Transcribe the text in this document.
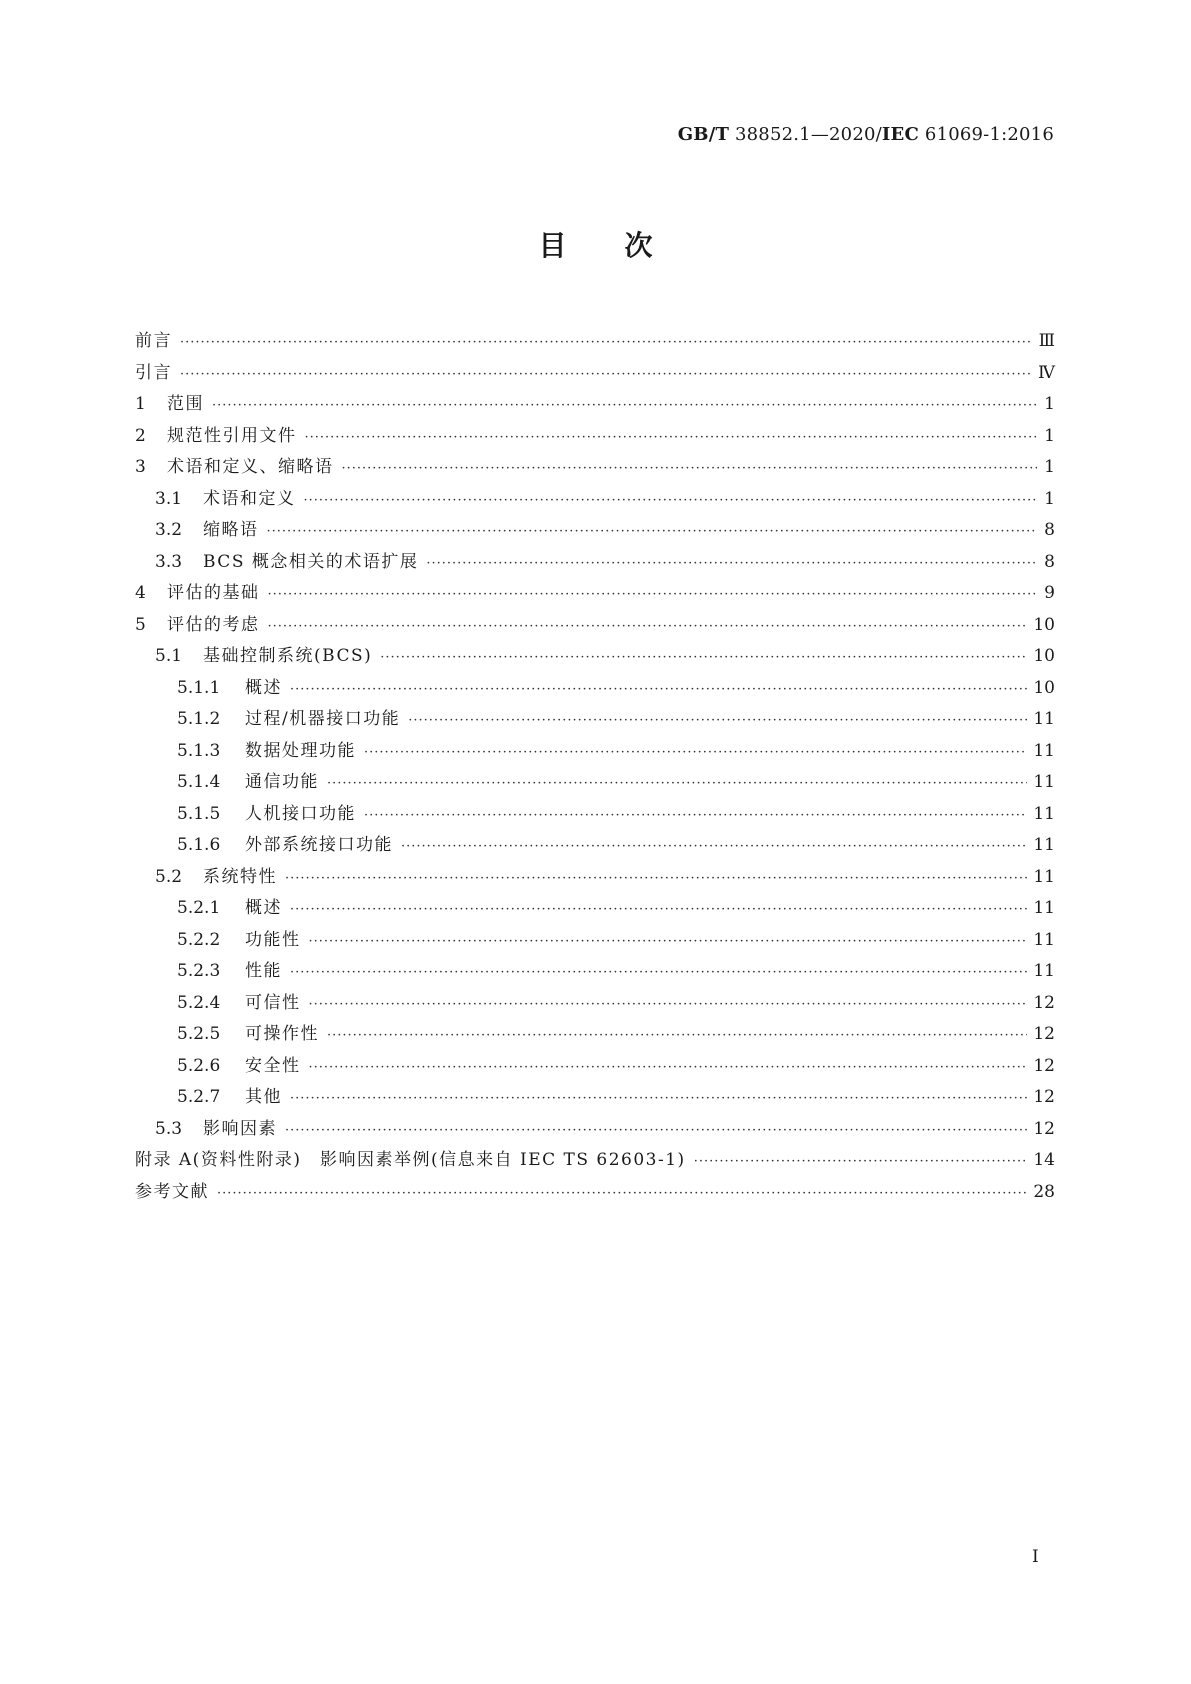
GB/T 38852.1—2020/IEC 61069-1:2016
目次
前言 ·····	Ⅲ
引言 ·····	Ⅳ
1	范围 ·····	1
2	规范性引用文件 ·····	1
3	术语和定义、缩略语 ·····	1
3.1	术语和定义 ·····	1
3.2	缩略语 ·····	8
3.3	BCS 概念相关的术语扩展 ·····	8
4	评估的基础 ·····	9
5	评估的考虑 ·····	10
5.1	基础控制系统(BCS) ·····	10
5.1.1	概述 ·····	10
5.1.2	过程/机器接口功能 ·····	11
5.1.3	数据处理功能 ·····	11
5.1.4	通信功能 ·····	11
5.1.5	人机接口功能 ·····	11
5.1.6	外部系统接口功能 ·····	11
5.2	系统特性 ·····	11
5.2.1	概述 ·····	11
5.2.2	功能性 ·····	11
5.2.3	性能 ·····	11
5.2.4	可信性 ·····	12
5.2.5	可操作性 ·····	12
5.2.6	安全性 ·····	12
5.2.7	其他 ·····	12
5.3	影响因素 ·····	12
附录 A(资料性附录)　影响因素举例(信息来自 IEC TS 62603-1) ·····	14
参考文献 ·····	28
I
